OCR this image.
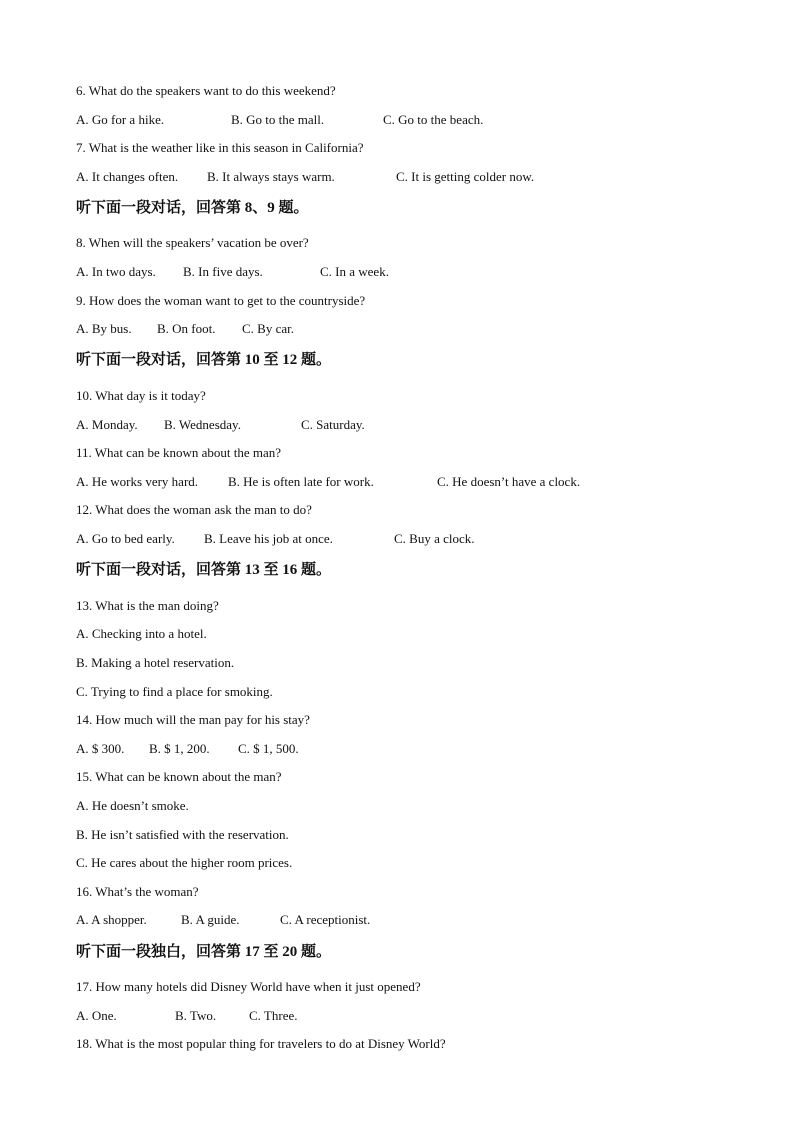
6. What do the speakers want to do this weekend?
A. Go for a hike.	B. Go to the mall.	C. Go to the beach.
7. What is the weather like in this season in California?
A. It changes often. B. It always stays warm.	C. It is getting colder now.
听下面一段对话，回答第 8、9 题。
8. When will the speakers’ vacation be over?
A. In two days. B. In five days.	C. In a week.
9. How does the woman want to get to the countryside?
A. By bus. B. On foot. C. By car.
听下面一段对话，回答第 10 至 12 题。
10. What day is it today?
A. Monday. B. Wednesday.	C. Saturday.
11. What can be known about the man?
A. He works very hard. B. He is often late for work.	C. He doesn’t have a clock.
12. What does the woman ask the man to do?
A. Go to bed early. B. Leave his job at once.	C. Buy a clock.
听下面一段对话，回答第 13 至 16 题。
13. What is the man doing?
A. Checking into a hotel.
B. Making a hotel reservation.
C. Trying to find a place for smoking.
14. How much will the man pay for his stay?
A. $ 300. B. $ 1, 200. C. $ 1, 500.
15. What can be known about the man?
A. He doesn’t smoke.
B. He isn’t satisfied with the reservation.
C. He cares about the higher room prices.
16. What’s the woman?
A. A shopper.	B. A guide.	C. A receptionist.
听下面一段独白，回答第 17 至 20 题。
17. How many hotels did Disney World have when it just opened?
A. One.	B. Two.	C. Three.
18. What is the most popular thing for travelers to do at Disney World?
